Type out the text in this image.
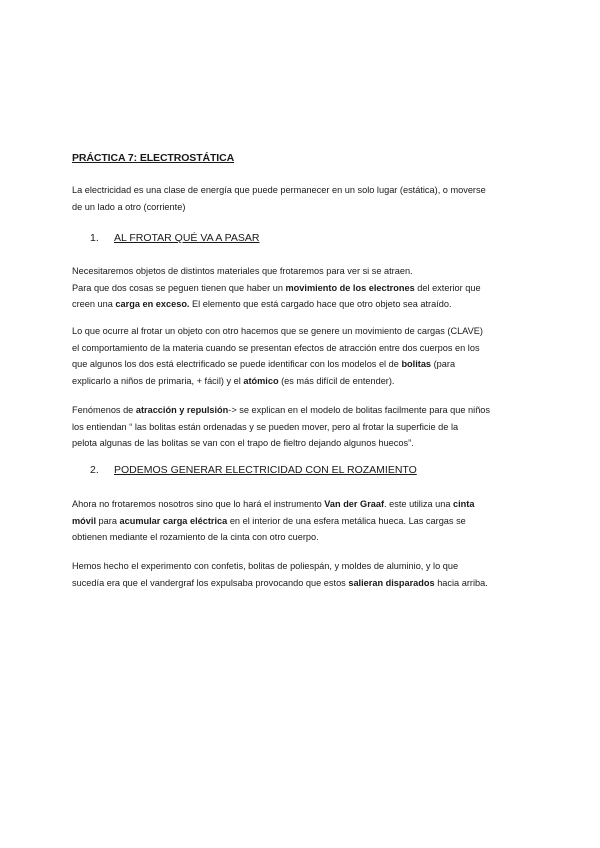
PRÁCTICA 7: ELECTROSTÁTICA

La electricidad es una clase de energía que puede permanecer en un solo lugar (estática), o moverse
de un lado a otro (corriente)

1. AL FROTAR QUÉ VA A PASAR

Necesitaremos objetos de distintos materiales que frotaremos para ver si se atraen.
Para que dos cosas se peguen tienen que haber un movimiento de los electrones del exterior que
creen una carga en exceso. El elemento que está cargado hace que otro objeto sea atraído.

Lo que ocurre al frotar un objeto con otro hacemos que se genere un movimiento de cargas (CLAVE)
el comportamiento de la materia cuando se presentan efectos de atracción entre dos cuerpos en los
que algunos los dos está electrificado se puede identificar con los modelos el de bolitas (para
explicarlo a niños de primaria, + fácil) y el atómico (es más difícil de entender).

Fenómenos de atracción y repulsión-> se explican en el modelo de bolitas facilmente para que niños
los entiendan “ las bolitas están ordenadas y se pueden mover, pero al frotar la superficie de la
pelota algunas de las bolitas se van con el trapo de fieltro dejando algunos huecos”.

2. PODEMOS GENERAR ELECTRICIDAD CON EL ROZAMIENTO

Ahora no frotaremos nosotros sino que lo hará el instrumento Van der Graaf. este utiliza una cinta
móvil para acumular carga eléctrica en el interior de una esfera metálica hueca. Las cargas se
obtienen mediante el rozamiento de la cinta con otro cuerpo.

Hemos hecho el experimento con confetis, bolitas de poliespán, y moldes de aluminio, y lo que
sucedía era que el vandergraf los expulsaba provocando que estos salieran disparados hacia arriba.
